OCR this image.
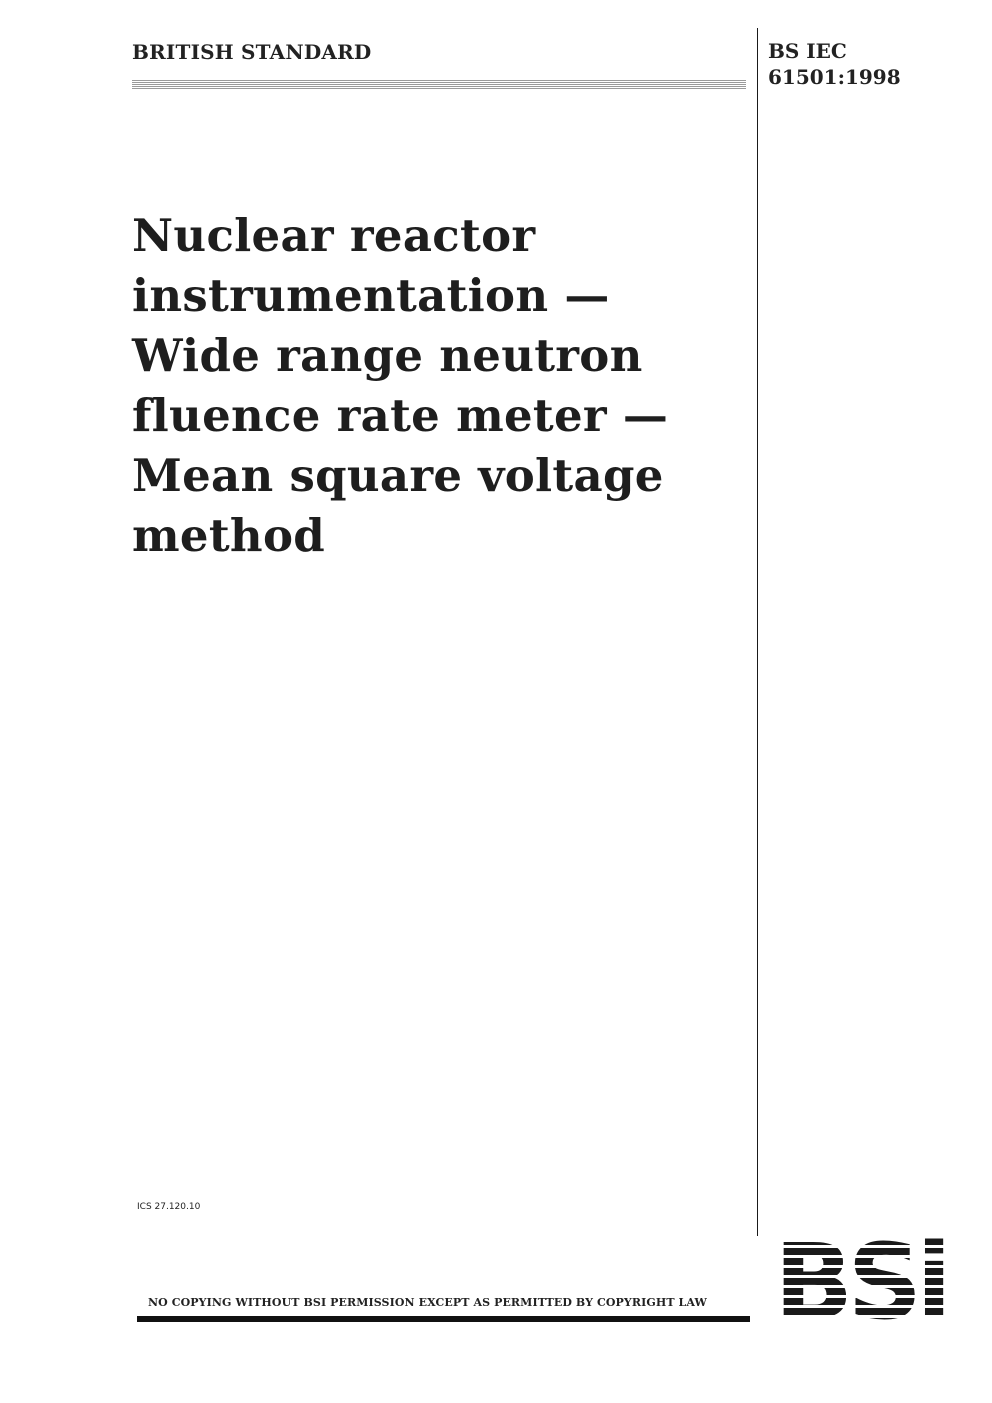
BRITISH STANDARD	BS IEC
61501:1998
Nuclear reactor
instrumentation —
Wide range neutron
fluence rate meter —
Mean square voltage
method
ICS 27.120.10
NO COPYING WITHOUT BSI PERMISSION EXCEPT AS PERMITTED BY COPYRIGHT LAW BSi
